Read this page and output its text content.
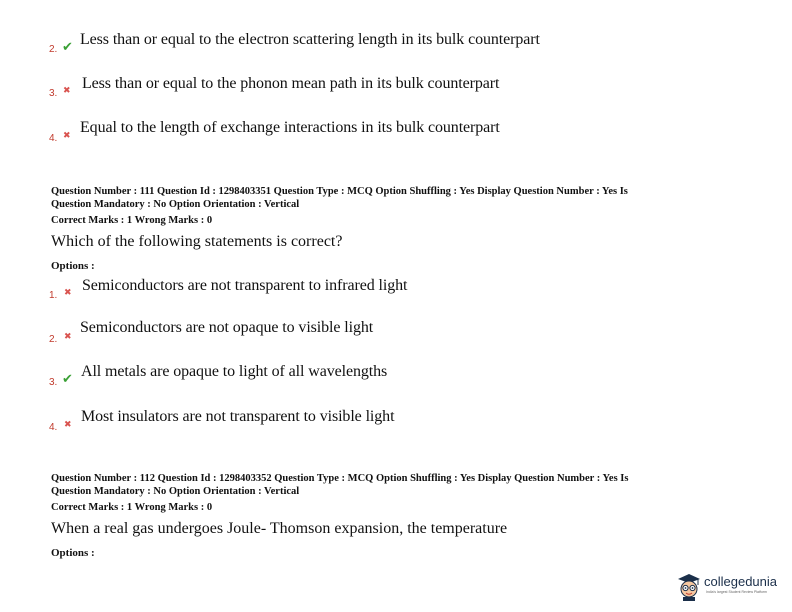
2. ✔ Less than or equal to the electron scattering length in its bulk counterpart
3. ✖ Less than or equal to the phonon mean path in its bulk counterpart
4. ✖ Equal to the length of exchange interactions in its bulk counterpart
Question Number : 111 Question Id : 1298403351 Question Type : MCQ Option Shuffling : Yes Display Question Number : Yes Is
Question Mandatory : No Option Orientation : Vertical
Correct Marks : 1 Wrong Marks : 0
Which of the following statements is correct?
Options :
1. ✖ Semiconductors are not transparent to infrared light
2. ✖
Semiconductors are not opaque to visible light
3. ✔ All metals are opaque to light of all wavelengths
4. ✖ Most insulators are not transparent to visible light
Question Number : 112 Question Id : 1298403352 Question Type : MCQ Option Shuffling : Yes Display Question Number : Yes Is
Question Mandatory : No Option Orientation : Vertical
Correct Marks : 1 Wrong Marks : 0
When a real gas undergoes Joule- Thomson expansion, the temperature
Options :
collegedunia
India's largest Student Review Platform
